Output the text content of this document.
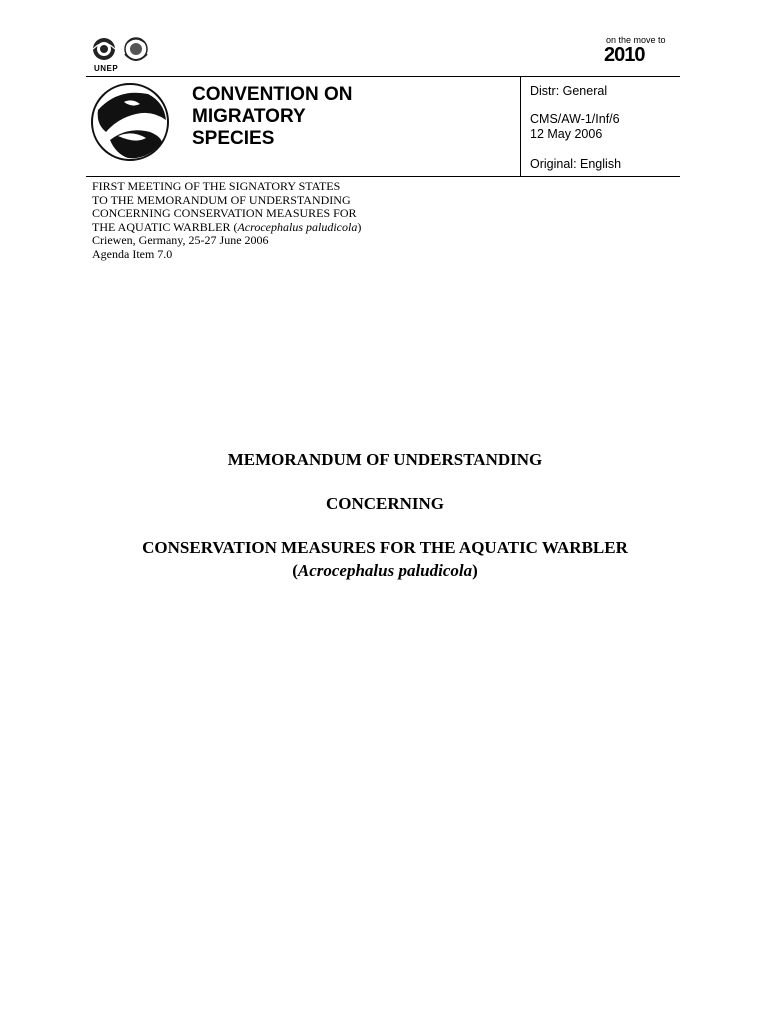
UNEP
on the move to
2010
CONVENTION ON
MIGRATORY
SPECIES
Distr: General
CMS/AW-1/Inf/6
12 May 2006
Original: English
FIRST MEETING OF THE SIGNATORY STATES
TO THE MEMORANDUM OF UNDERSTANDING
CONCERNING CONSERVATION MEASURES FOR
THE AQUATIC WARBLER (Acrocephalus paludicola)
Criewen, Germany, 25-27 June 2006
Agenda Item 7.0
MEMORANDUM OF UNDERSTANDING
CONCERNING
CONSERVATION MEASURES FOR THE AQUATIC WARBLER
(Acrocephalus paludicola)
